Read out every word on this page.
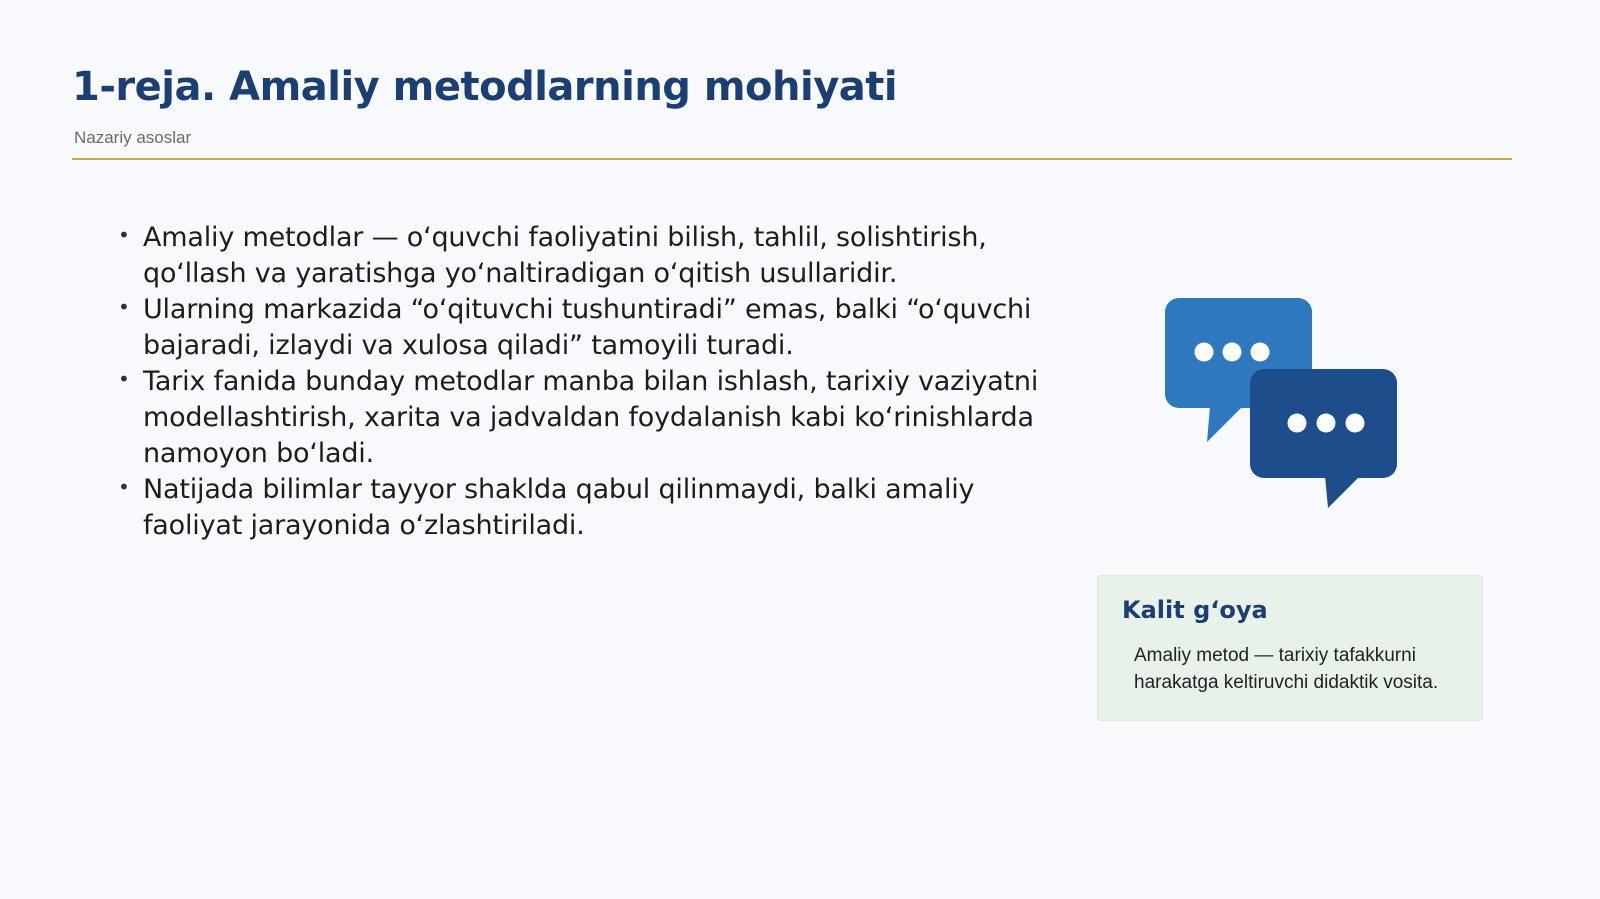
1-reja. Amaliy metodlarning mohiyati
Nazariy asoslar
• Amaliy metodlar — o‘quvchi faoliyatini bilish, tahlil, solishtirish, qo‘llash va yaratishga yo‘naltiradigan o‘qitish usullaridir.
• Ularning markazida “o‘qituvchi tushuntiradi” emas, balki “o‘quvchi bajaradi, izlaydi va xulosa qiladi” tamoyili turadi.
• Tarix fanida bunday metodlar manba bilan ishlash, tarixiy vaziyatni modellashtirish, xarita va jadvaldan foydalanish kabi ko‘rinishlarda namoyon bo‘ladi.
• Natijada bilimlar tayyor shaklda qabul qilinmaydi, balki amaliy faoliyat jarayonida o‘zlashtiriladi.
Kalit g‘oya
Amaliy metod — tarixiy tafakkurni harakatga keltiruvchi didaktik vosita.
